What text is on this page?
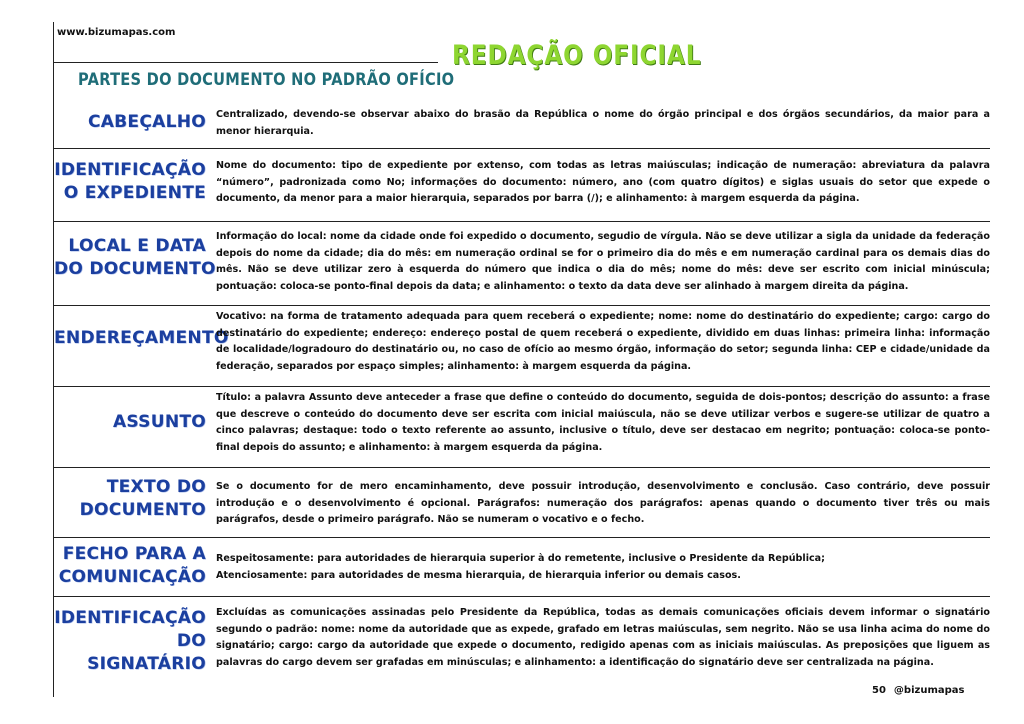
www.bizumapas.com
REDAÇÃO OFICIAL
PARTES DO DOCUMENTO NO PADRÃO OFÍCIO
CABEÇALHO Centralizado, devendo-se observar abaixo do brasão da República o nome do órgão principal e dos órgãos secundários, da maior para a menor hierarquia.
IDENTIFICAÇÃO
O EXPEDIENTE
Nome do documento: tipo de expediente por extenso, com todas as letras maiúsculas; indicação de numeração: abreviatura da palavra “número”, padronizada como No; informações do documento: número, ano (com quatro dígitos) e siglas usuais do setor que expede o documento, da menor para a maior hierarquia, separados por barra (/); e alinhamento: à margem esquerda da página.
LOCAL E DATA
DO DOCUMENTO
Informação do local: nome da cidade onde foi expedido o documento, segudio de vírgula. Não se deve utilizar a sigla da unidade da federação depois do nome da cidade; dia do mês: em numeração ordinal se for o primeiro dia do mês e em numeração cardinal para os demais dias do mês. Não se deve utilizar zero à esquerda do número que indica o dia do mês; nome do mês: deve ser escrito com inicial minúscula; pontuação: coloca-se ponto-final depois da data; e alinhamento: o texto da data deve ser alinhado à margem direita da página.
ENDEREÇAMENTO
Vocativo: na forma de tratamento adequada para quem receberá o expediente; nome: nome do destinatário do expediente; cargo: cargo do destinatário do expediente; endereço: endereço postal de quem receberá o expediente, dividido em duas linhas: primeira linha: informação de localidade/logradouro do destinatário ou, no caso de ofício ao mesmo órgão, informação do setor; segunda linha: CEP e cidade/unidade da federação, separados por espaço simples; alinhamento: à margem esquerda da página.
ASSUNTO
Título: a palavra Assunto deve anteceder a frase que define o conteúdo do documento, seguida de dois-pontos; descrição do assunto: a frase que descreve o conteúdo do documento deve ser escrita com inicial maiúscula, não se deve utilizar verbos e sugere-se utilizar de quatro a cinco palavras; destaque: todo o texto referente ao assunto, inclusive o título, deve ser destacao em negrito; pontuação: coloca-se ponto-final depois do assunto; e alinhamento: à margem esquerda da página.
TEXTO DO
DOCUMENTO
Se o documento for de mero encaminhamento, deve possuir introdução, desenvolvimento e conclusão. Caso contrário, deve possuir introdução e o desenvolvimento é opcional. Parágrafos: numeração dos parágrafos: apenas quando o documento tiver três ou mais parágrafos, desde o primeiro parágrafo. Não se numeram o vocativo e o fecho.
FECHO PARA A
COMUNICAÇÃO
Respeitosamente: para autoridades de hierarquia superior à do remetente, inclusive o Presidente da República;
Atenciosamente: para autoridades de mesma hierarquia, de hierarquia inferior ou demais casos.
IDENTIFICAÇÃO
DO
SIGNATÁRIO
Excluídas as comunicações assinadas pelo Presidente da República, todas as demais comunicações oficiais devem informar o signatário segundo o padrão: nome: nome da autoridade que as expede, grafado em letras maiúsculas, sem negrito. Não se usa linha acima do nome do signatário; cargo: cargo da autoridade que expede o documento, redigido apenas com as iniciais maiúsculas. As preposições que liguem as palavras do cargo devem ser grafadas em minúsculas; e alinhamento: a identificação do signatário deve ser centralizada na página.
50 @bizumapas
